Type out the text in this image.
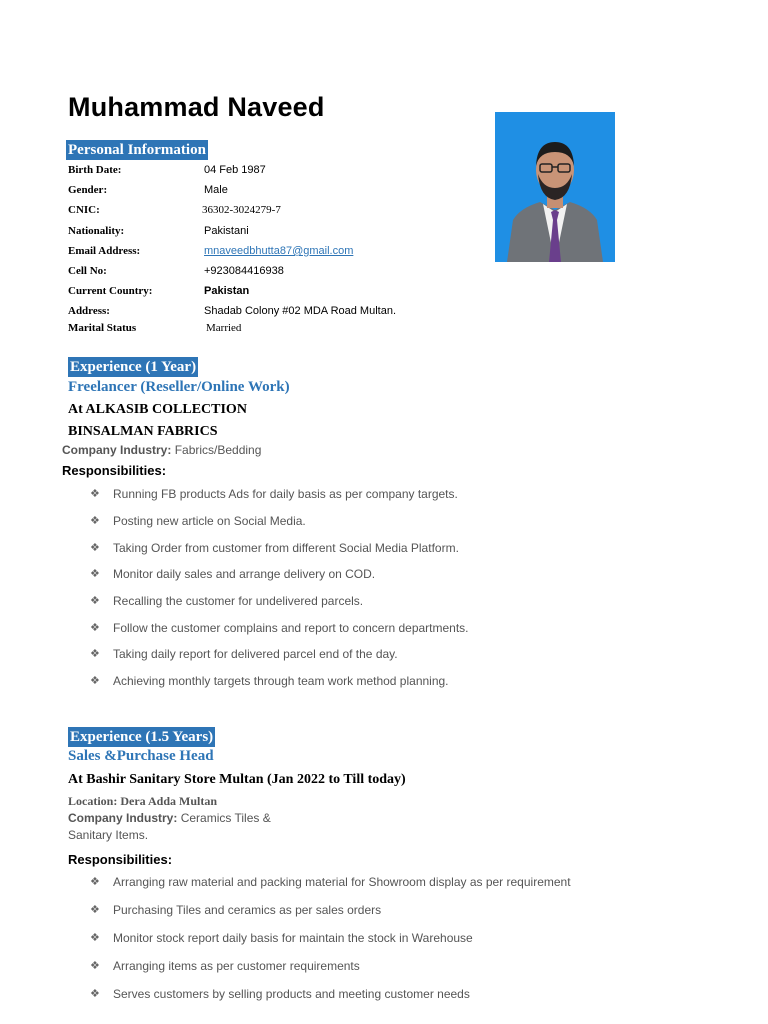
Muhammad Naveed
Personal Information
Birth Date:	04 Feb 1987
Gender:	Male
CNIC:	36302-3024279-7
Nationality:	Pakistani
Email Address:	mnaveedbhutta87@gmail.com
Cell No:	+923084416938
Current Country:	Pakistan
Address:	Shadab Colony #02 MDA Road Multan.
Marital Status	Married
Experience (1 Year)
Freelancer (Reseller/Online Work)
At ALKASIB COLLECTION
BINSALMAN FABRICS
Company Industry: Fabrics/Bedding
Responsibilities:
❖ Running FB products Ads for daily basis as per company targets.
❖ Posting new article on Social Media.
❖ Taking Order from customer from different Social Media Platform.
❖ Monitor daily sales and arrange delivery on COD.
❖ Recalling the customer for undelivered parcels.
❖ Follow the customer complains and report to concern departments.
❖ Taking daily report for delivered parcel end of the day.
❖ Achieving monthly targets through team work method planning.
Experience (1.5 Years)
Sales &Purchase Head
At Bashir Sanitary Store Multan (Jan 2022 to Till today)
Location: Dera Adda Multan
Company Industry: Ceramics Tiles &
Sanitary Items.
Responsibilities:
❖ Arranging raw material and packing material for Showroom display as per requirement
❖ Purchasing Tiles and ceramics as per sales orders
❖ Monitor stock report daily basis for maintain the stock in Warehouse
❖ Arranging items as per customer requirements
❖ Serves customers by selling products and meeting customer needs
